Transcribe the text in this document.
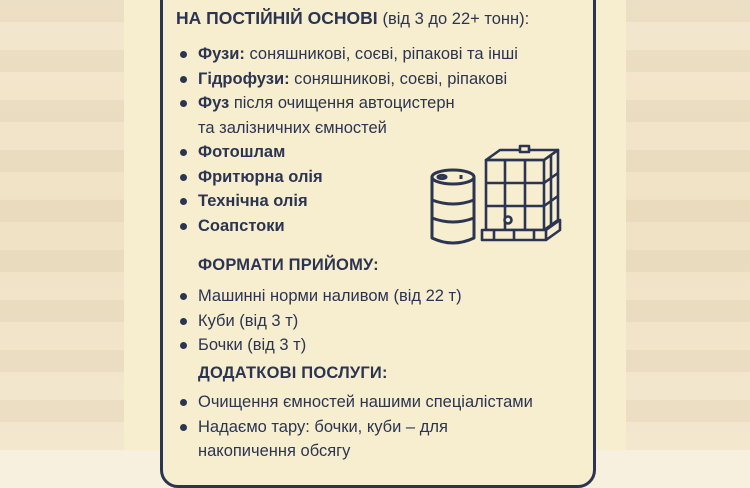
НА ПОСТІЙНІЙ ОСНОВІ (від 3 до 22+ тонн):
Фузи: соняшникові, соєві, ріпакові та інші
Гідрофузи: соняшникові, соєві, ріпакові
Фуз після очищення автоцистерн
та залізничних ємностей
Фотошлам
Фритюрна олія
Технічна олія
Соапстоки
ФОРМАТИ ПРИЙОМУ:
Машинні норми наливом (від 22 т)
Куби (від 3 т)
Бочки (від 3 т)
ДОДАТКОВІ ПОСЛУГИ:
Очищення ємностей нашими спеціалістами
Надаємо тару: бочки, куби – для
накопичення обсягу
